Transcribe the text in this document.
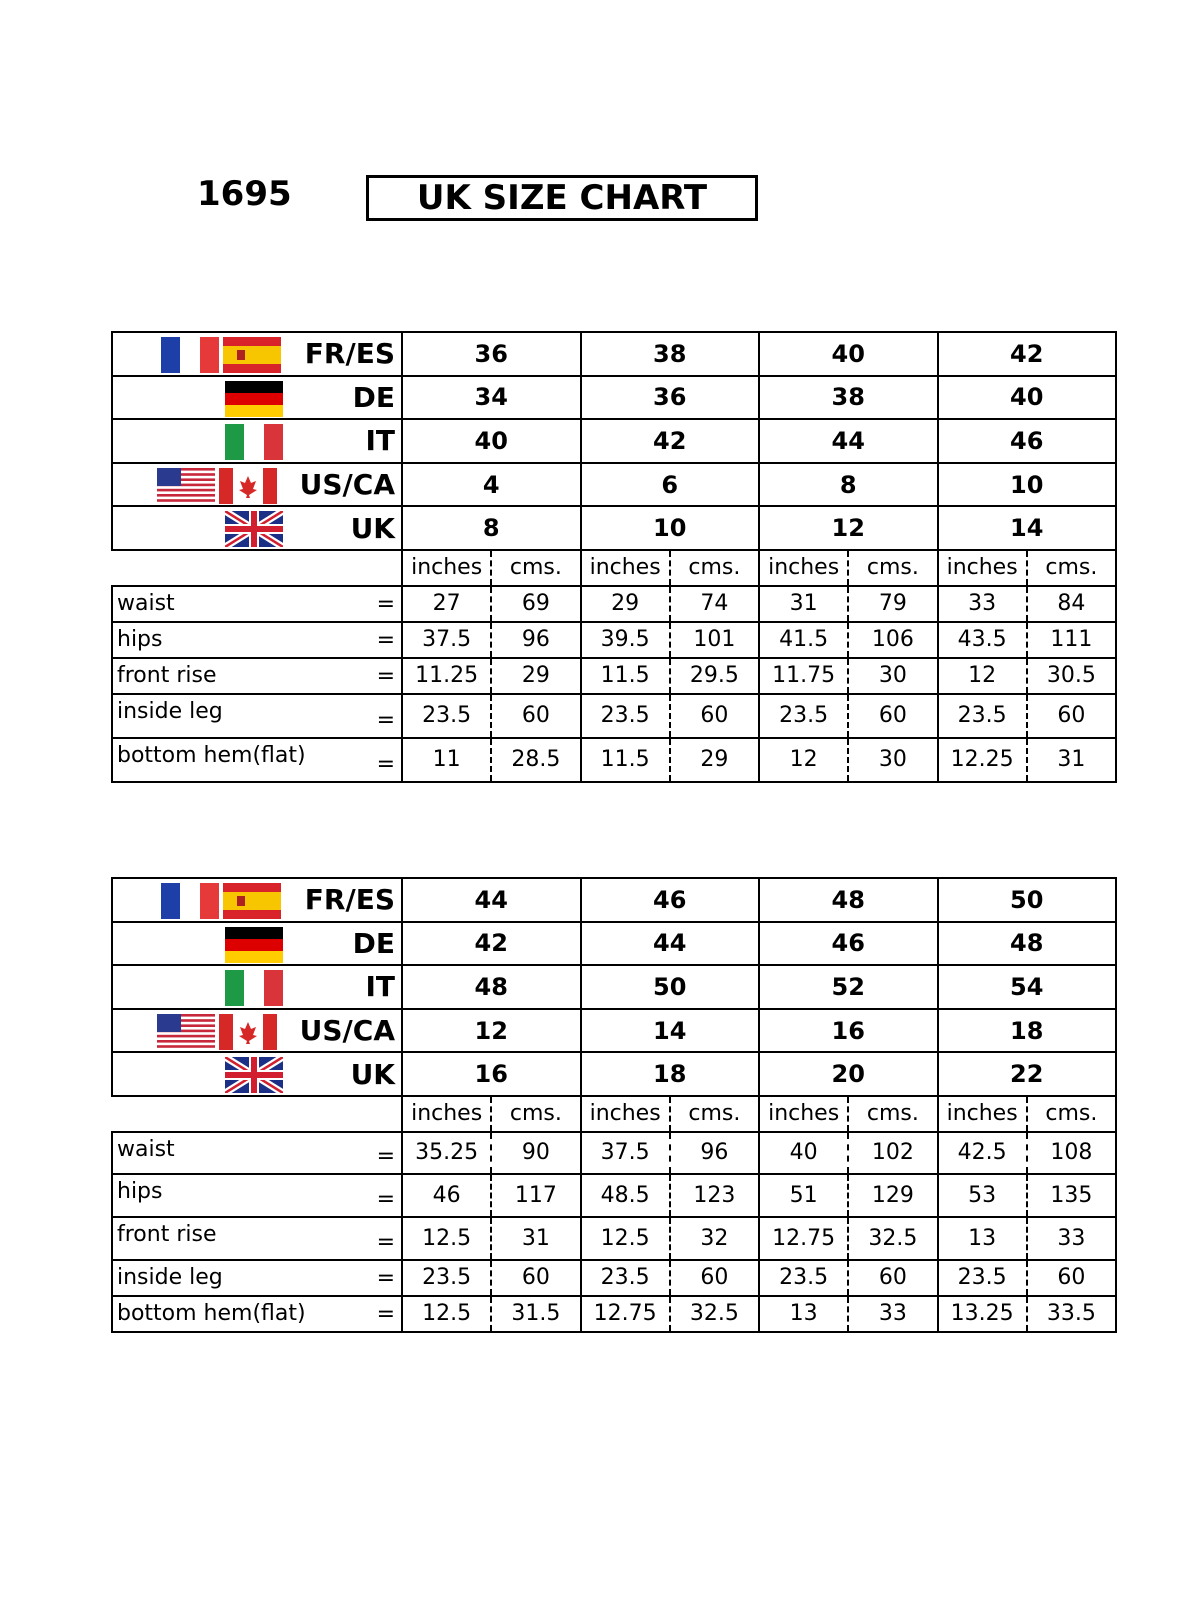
1695	UK SIZE CHART
FR/ES	36		38		40		42	

DE	34		36		38		40	

IT	40		42		44		46	

US/CA	4		6		8		10	

UK	8		10		12		14	
	inches	cms.	inches	cms.	inches	cms.	inches	cms.

waist =	27	69	29	74	31	79	33	84

hips =	37.5	96	39.5	101	41.5	106	43.5	111

front rise =	11.25	29	11.5	29.5	11.75	30	12	30.5

inside leg =	23.5	60	23.5	60	23.5	60	23.5	60

bottom hem(flat) =	11	28.5	11.5	29	12	30	12.25	31
FR/ES	44		46		48		50	

DE	42		44		46		48	

IT	48		50		52		54	

US/CA	12		14		16		18	

UK	16		18		20		22	
	inches	cms.	inches	cms.	inches	cms.	inches	cms.

waist =	35.25	90	37.5	96	40	102	42.5	108

hips =	46	117	48.5	123	51	129	53	135

front rise =	12.5	31	12.5	32	12.75	32.5	13	33

inside leg =	23.5	60	23.5	60	23.5	60	23.5	60

bottom hem(flat) =	12.5	31.5	12.75	32.5	13	33	13.25	33.5
